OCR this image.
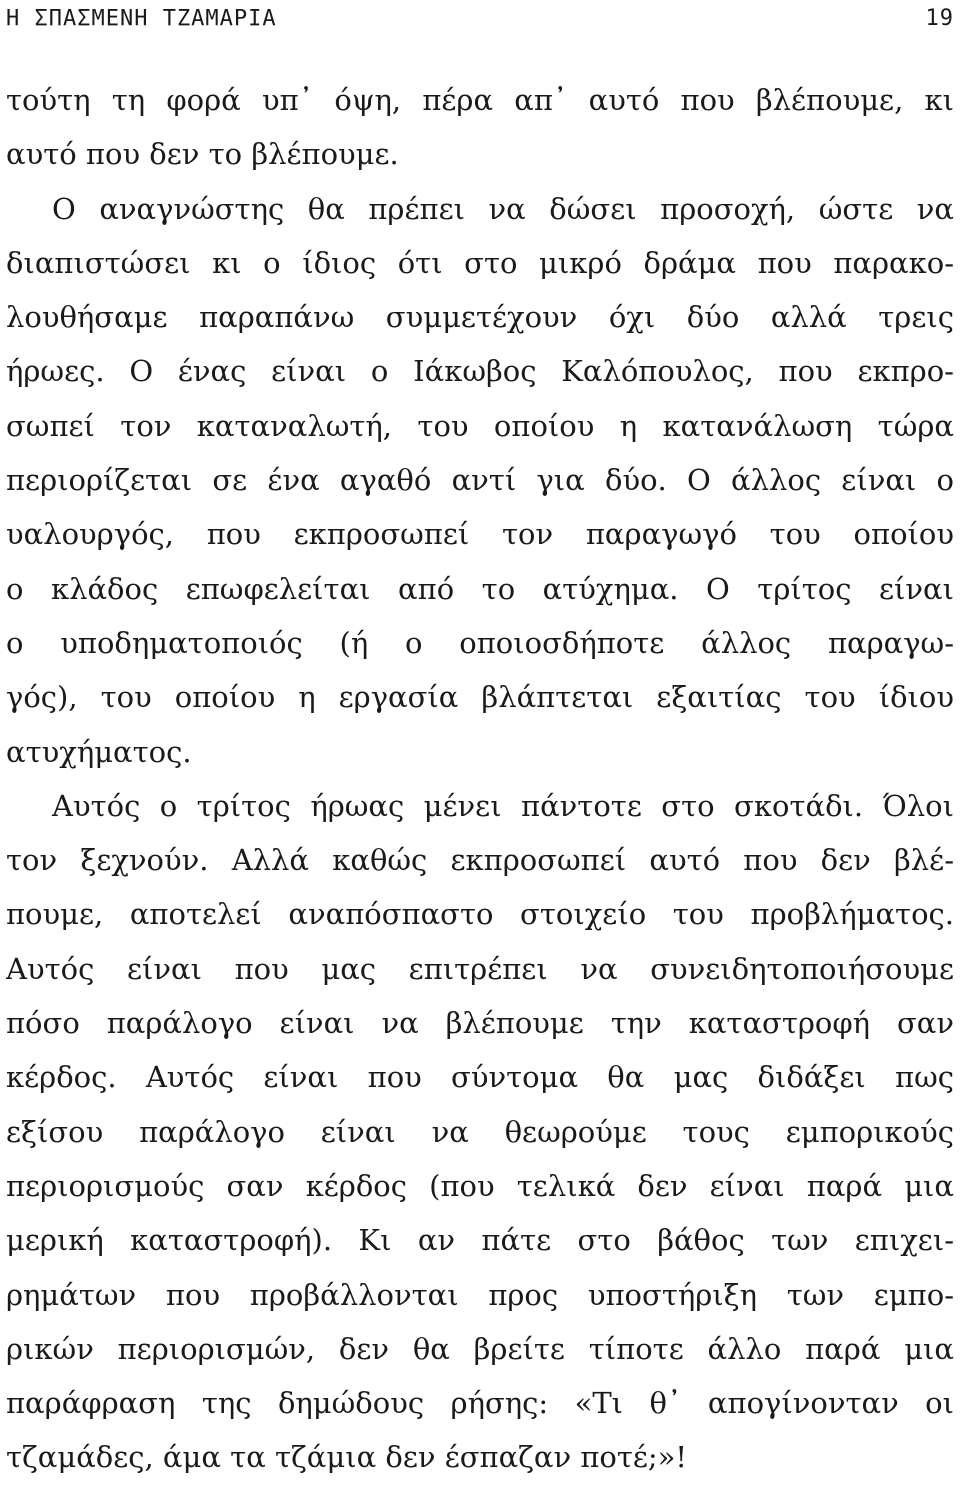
Η ΣΠΑΣΜΕΝΗ ΤΖΑΜΑΡΙΑ	19
τούτη τη φορά υπ᾽ όψη, πέρα απ᾽ αυτό που βλέπουμε, κι
αυτό που δεν το βλέπουμε.
Ο αναγνώστης θα πρέπει να δώσει προσοχή, ώστε να
διαπιστώσει κι ο ίδιος ότι στο μικρό δράμα που παρακο-
λουθήσαμε παραπάνω συμμετέχουν όχι δύο αλλά τρεις
ήρωες. Ο ένας είναι ο Ιάκωβος Καλόπουλος, που εκπρο-
σωπεί τον καταναλωτή, του οποίου η κατανάλωση τώρα
περιορίζεται σε ένα αγαθό αντί για δύο. Ο άλλος είναι ο
υαλουργός, που εκπροσωπεί τον παραγωγό του οποίου
ο κλάδος επωφελείται από το ατύχημα. Ο τρίτος είναι
ο υποδηματοποιός (ή ο οποιοσδήποτε άλλος παραγω-
γός), του οποίου η εργασία βλάπτεται εξαιτίας του ίδιου
ατυχήματος.
Αυτός ο τρίτος ήρωας μένει πάντοτε στο σκοτάδι. Όλοι
τον ξεχνούν. Αλλά καθώς εκπροσωπεί αυτό που δεν βλέ-
πουμε, αποτελεί αναπόσπαστο στοιχείο του προβλήματος.
Αυτός είναι που μας επιτρέπει να συνειδητοποιήσουμε
πόσο παράλογο είναι να βλέπουμε την καταστροφή σαν
κέρδος. Αυτός είναι που σύντομα θα μας διδάξει πως
εξίσου παράλογο είναι να θεωρούμε τους εμπορικούς
περιορισμούς σαν κέρδος (που τελικά δεν είναι παρά μια
μερική καταστροφή). Κι αν πάτε στο βάθος των επιχει-
ρημάτων που προβάλλονται προς υποστήριξη των εμπο-
ρικών περιορισμών, δεν θα βρείτε τίποτε άλλο παρά μια
παράφραση της δημώδους ρήσης: «Τι θ᾽ απογίνονταν οι
τζαμάδες, άμα τα τζάμια δεν έσπαζαν ποτέ;»!
